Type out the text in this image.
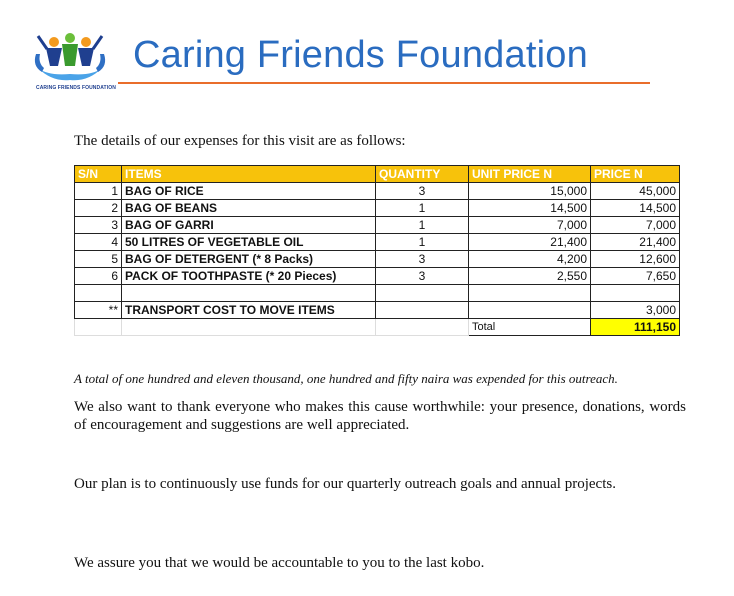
CARING FRIENDS FOUNDATION
Caring Friends Foundation
The details of our expenses for this visit are as follows:
S/N	ITEMS	QUANTITY	UNIT PRICE N	PRICE N
1	BAG OF RICE	3	15,000	45,000
2	BAG OF BEANS	1	14,500	14,500
3	BAG OF GARRI	1	7,000	7,000
4	50 LITRES OF VEGETABLE OIL	1	21,400	21,400
5	BAG OF DETERGENT (* 8 Packs)	3	4,200	12,600
6	PACK OF TOOTHPASTE (* 20 Pieces)	3	2,550	7,650

**	TRANSPORT COST TO MOVE ITEMS			3,000
			Total	111,150
A total of one hundred and eleven thousand, one hundred and fifty naira was expended for this outreach.
We also want to thank everyone who makes this cause worthwhile: your presence, donations, words of encouragement and suggestions are well appreciated.
Our plan is to continuously use funds for our quarterly outreach goals and annual projects.
We assure you that we would be accountable to you to the last kobo.
